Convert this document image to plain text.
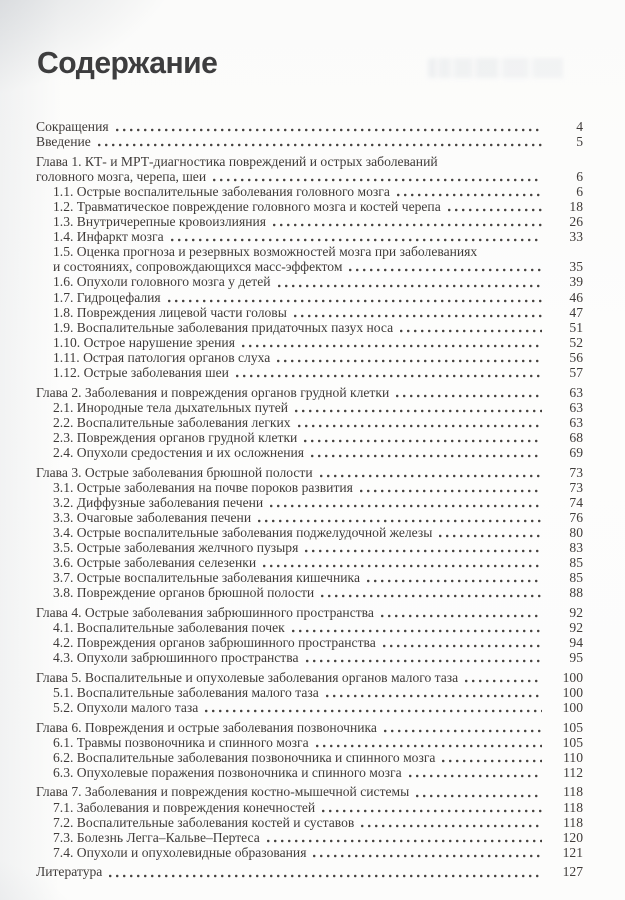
Содержание
Сокращения	4
Введение	5
Глава 1. КТ- и МРТ-диагностика повреждений и острых заболеваний
головного мозга, черепа, шеи	6
1.1. Острые воспалительные заболевания головного мозга	6
1.2. Травматическое повреждение головного мозга и костей черепа	18
1.3. Внутричерепные кровоизлияния	26
1.4. Инфаркт мозга	33
1.5. Оценка прогноза и резервных возможностей мозга при заболеваниях
и состояниях, сопровождающихся масс-эффектом	35
1.6. Опухоли головного мозга у детей	39
1.7. Гидроцефалия	46
1.8. Повреждения лицевой части головы	47
1.9. Воспалительные заболевания придаточных пазух носа	51
1.10. Острое нарушение зрения	52
1.11. Острая патология органов слуха	56
1.12. Острые заболевания шеи	57
Глава 2. Заболевания и повреждения органов грудной клетки	63
2.1. Инородные тела дыхательных путей	63
2.2. Воспалительные заболевания легких	63
2.3. Повреждения органов грудной клетки	68
2.4. Опухоли средостения и их осложнения	69
Глава 3. Острые заболевания брюшной полости	73
3.1. Острые заболевания на почве пороков развития	73
3.2. Диффузные заболевания печени	74
3.3. Очаговые заболевания печени	76
3.4. Острые воспалительные заболевания поджелудочной железы	80
3.5. Острые заболевания желчного пузыря	83
3.6. Острые заболевания селезенки	85
3.7. Острые воспалительные заболевания кишечника	85
3.8. Повреждение органов брюшной полости	88
Глава 4. Острые заболевания забрюшинного пространства	92
4.1. Воспалительные заболевания почек	92
4.2. Повреждения органов забрюшинного пространства	94
4.3. Опухоли забрюшинного пространства	95
Глава 5. Воспалительные и опухолевые заболевания органов малого таза	100
5.1. Воспалительные заболевания малого таза	100
5.2. Опухоли малого таза	100
Глава 6. Повреждения и острые заболевания позвоночника	105
6.1. Травмы позвоночника и спинного мозга	105
6.2. Воспалительные заболевания позвоночника и спинного мозга	110
6.3. Опухолевые поражения позвоночника и спинного мозга	112
Глава 7. Заболевания и повреждения костно-мышечной системы	118
7.1. Заболевания и повреждения конечностей	118
7.2. Воспалительные заболевания костей и суставов	118
7.3. Болезнь Легга–Кальве–Пертеса	120
7.4. Опухоли и опухолевидные образования	121
Литература	127
